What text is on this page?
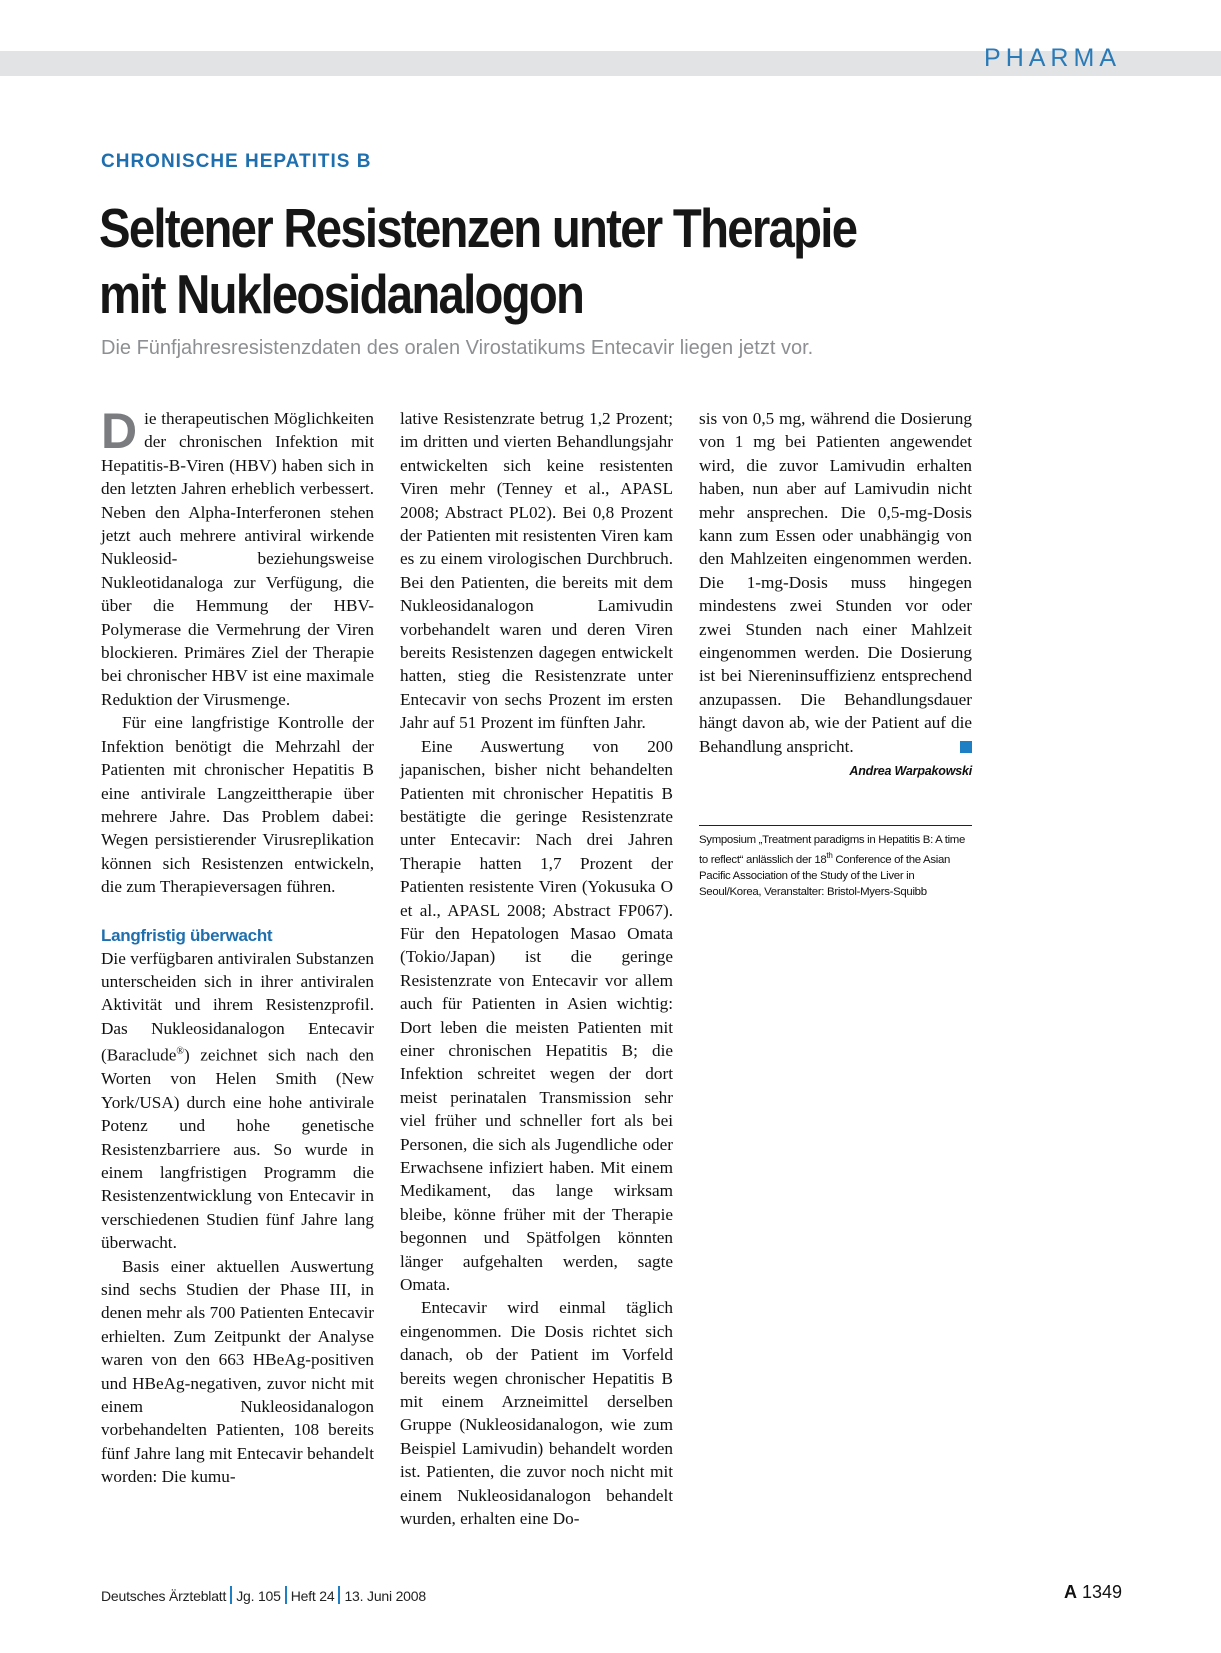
PHARMA
CHRONISCHE HEPATITIS B
Seltener Resistenzen unter Therapie
mit Nukleosidanalogon
Die Fünfjahresresistenzdaten des oralen Virostatikums Entecavir liegen jetzt vor.

Die therapeutischen Möglichkeiten der chronischen Infektion mit Hepatitis-B-Viren (HBV) haben sich in den letzten Jahren erheblich verbessert. Neben den Alpha-Interferonen stehen jetzt auch mehrere antiviral wirkende Nukleosid- beziehungsweise Nukleotidanaloga zur Verfügung, die über die Hemmung der HBV-Polymerase die Vermehrung der Viren blockieren. Primäres Ziel der Therapie bei chronischer HBV ist eine maximale Reduktion der Virusmenge.

Für eine langfristige Kontrolle der Infektion benötigt die Mehrzahl der Patienten mit chronischer Hepatitis B eine antivirale Langzeittherapie über mehrere Jahre. Das Problem dabei: Wegen persistierender Virusreplikation können sich Resistenzen entwickeln, die zum Therapieversagen führen.

Langfristig überwacht

Die verfügbaren antiviralen Substanzen unterscheiden sich in ihrer antiviralen Aktivität und ihrem Resistenzprofil. Das Nukleosidanalogon Entecavir (Baraclude®) zeichnet sich nach den Worten von Helen Smith (New York/USA) durch eine hohe antivirale Potenz und hohe genetische Resistenzbarriere aus. So wurde in einem langfristigen Programm die Resistenzentwicklung von Entecavir in verschiedenen Studien fünf Jahre lang überwacht.

Basis einer aktuellen Auswertung sind sechs Studien der Phase III, in denen mehr als 700 Patienten Entecavir erhielten. Zum Zeitpunkt der Analyse waren von den 663 HBeAg-positiven und HBeAg-negativen, zuvor nicht mit einem Nukleosidanalogon vorbehandelten Patienten, 108 bereits fünf Jahre lang mit Entecavir behandelt worden: Die kumu-

lative Resistenzrate betrug 1,2 Prozent; im dritten und vierten Behandlungsjahr entwickelten sich keine resistenten Viren mehr (Tenney et al., APASL 2008; Abstract PL02). Bei 0,8 Prozent der Patienten mit resistenten Viren kam es zu einem virologischen Durchbruch. Bei den Patienten, die bereits mit dem Nukleosidanalogon Lamivudin vorbehandelt waren und deren Viren bereits Resistenzen dagegen entwickelt hatten, stieg die Resistenzrate unter Entecavir von sechs Prozent im ersten Jahr auf 51 Prozent im fünften Jahr.

Eine Auswertung von 200 japanischen, bisher nicht behandelten Patienten mit chronischer Hepatitis B bestätigte die geringe Resistenzrate unter Entecavir: Nach drei Jahren Therapie hatten 1,7 Prozent der Patienten resistente Viren (Yokusuka O et al., APASL 2008; Abstract FP067). Für den Hepatologen Masao Omata (Tokio/Japan) ist die geringe Resistenzrate von Entecavir vor allem auch für Patienten in Asien wichtig: Dort leben die meisten Patienten mit einer chronischen Hepatitis B; die Infektion schreitet wegen der dort meist perinatalen Transmission sehr viel früher und schneller fort als bei Personen, die sich als Jugendliche oder Erwachsene infiziert haben. Mit einem Medikament, das lange wirksam bleibe, könne früher mit der Therapie begonnen und Spätfolgen könnten länger aufgehalten werden, sagte Omata.

Entecavir wird einmal täglich eingenommen. Die Dosis richtet sich danach, ob der Patient im Vorfeld bereits wegen chronischer Hepatitis B mit einem Arzneimittel derselben Gruppe (Nukleosidanalogon, wie zum Beispiel Lamivudin) behandelt worden ist. Patienten, die zuvor noch nicht mit einem Nukleosidanalogon behandelt wurden, erhalten eine Do-

sis von 0,5 mg, während die Dosierung von 1 mg bei Patienten angewendet wird, die zuvor Lamivudin erhalten haben, nun aber auf Lamivudin nicht mehr ansprechen. Die 0,5-mg-Dosis kann zum Essen oder unabhängig von den Mahlzeiten eingenommen werden. Die 1-mg-Dosis muss hingegen mindestens zwei Stunden vor oder zwei Stunden nach einer Mahlzeit eingenommen werden. Die Dosierung ist bei Niereninsuffizienz entsprechend anzupassen. Die Behandlungsdauer hängt davon ab, wie der Patient auf die Behandlung anspricht.

Andrea Warpakowski
Symposium „Treatment paradigms in Hepatitis B: A time to reflect“ anlässlich der 18th Conference of the Asian Pacific Association of the Study of the Liver in Seoul/Korea, Veranstalter: Bristol-Myers-Squibb
Deutsches Ärzteblatt Jg. 105 Heft 24 13. Juni 2008	A 1349
